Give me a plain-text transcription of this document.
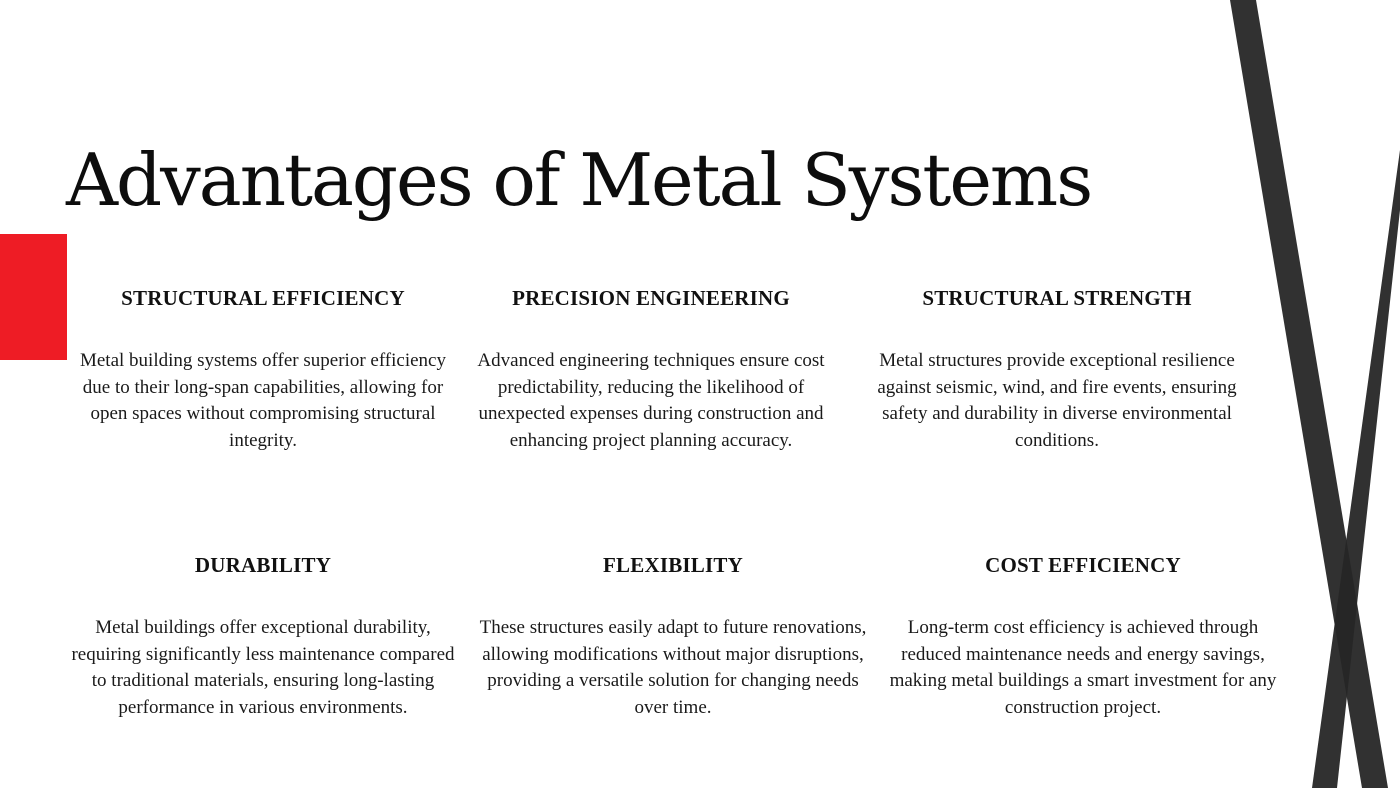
Advantages of Metal Systems
STRUCTURAL EFFICIENCY

Metal building systems offer superior efficiency due to their long-span capabilities, allowing for open spaces without compromising structural integrity.

PRECISION ENGINEERING

Advanced engineering techniques ensure cost predictability, reducing the likelihood of unexpected expenses during construction and enhancing project planning accuracy.

STRUCTURAL STRENGTH

Metal structures provide exceptional resilience against seismic, wind, and fire events, ensuring safety and durability in diverse environmental conditions.

DURABILITY

Metal buildings offer exceptional durability, requiring significantly less maintenance compared to traditional materials, ensuring long-lasting performance in various environments.

FLEXIBILITY

These structures easily adapt to future renovations, allowing modifications without major disruptions, providing a versatile solution for changing needs over time.

COST EFFICIENCY

Long-term cost efficiency is achieved through reduced maintenance needs and energy savings, making metal buildings a smart investment for any construction project.
